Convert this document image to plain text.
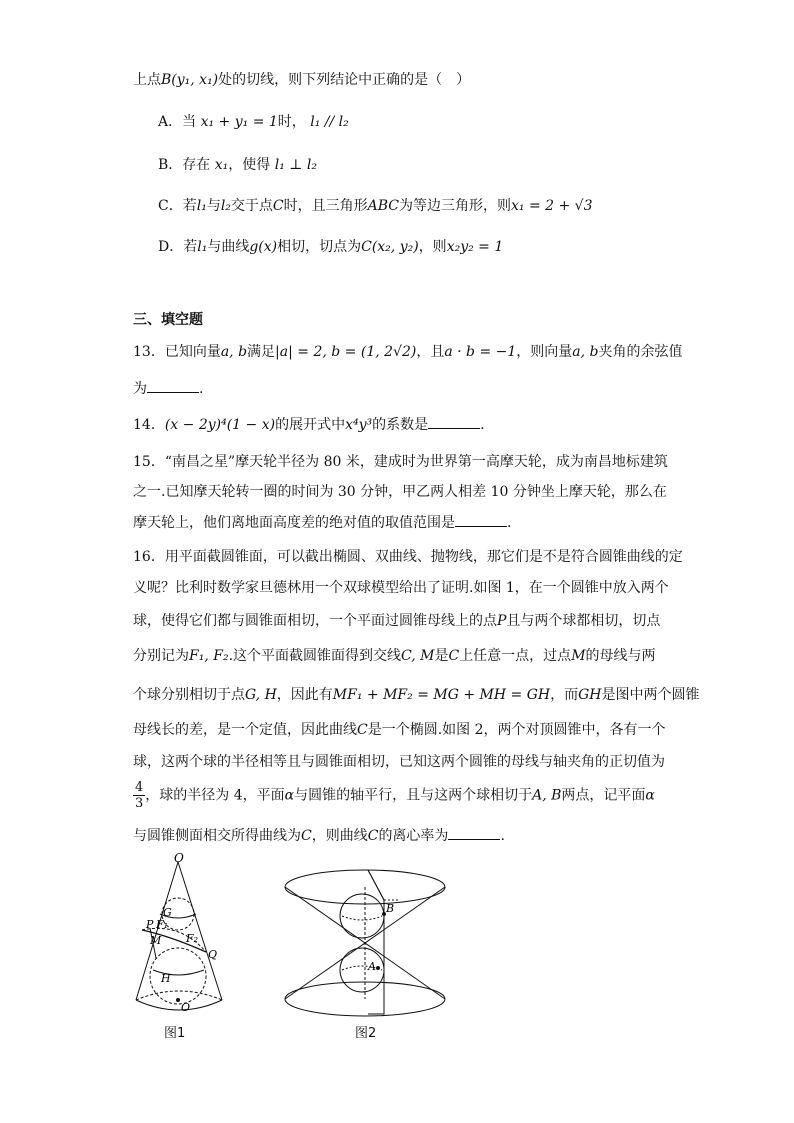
上点B(y₁, x₁)处的切线，则下列结论中正确的是（　）
A．当 x₁ + y₁ = 1时， l₁ // l₂
B．存在 x₁，使得 l₁ ⊥ l₂
C．若l₁与l₂交于点C时，且三角形ABC为等边三角形，则x₁ = 2 + √3
D．若l₁与曲线g(x)相切，切点为C(x₂, y₂)，则x₂y₂ = 1
三、填空题
13．已知向量a, b满足|a| = 2, b = (1, 2√2)，且a · b = −1，则向量a, b夹角的余弦值
为	.
14．(x − 2y)⁴(1 − x)的展开式中x⁴y³的系数是	.
15．“南昌之星”摩天轮半径为 80 米，建成时为世界第一高摩天轮，成为南昌地标建筑
之一.已知摩天轮转一圈的时间为 30 分钟，甲乙两人相差 10 分钟坐上摩天轮，那么在
摩天轮上，他们离地面高度差的绝对值的取值范围是	.
16．用平面截圆锥面，可以截出椭圆、双曲线、抛物线，那它们是不是符合圆锥曲线的定
义呢？比利时数学家旦德林用一个双球模型给出了证明.如图 1，在一个圆锥中放入两个
球，使得它们都与圆锥面相切，一个平面过圆锥母线上的点P且与两个球都相切，切点
分别记为F₁, F₂.这个平面截圆锥面得到交线C, M是C上任意一点，过点M的母线与两
个球分别相切于点G, H，因此有MF₁ + MF₂ = MG + MH = GH，而GH是图中两个圆锥
母线长的差，是一个定值，因此曲线C是一个椭圆.如图 2，两个对顶圆锥中，各有一个
球，这两个球的半径相等且与圆锥面相切，已知这两个圆锥的母线与轴夹角的正切值为
$\frac{4}{3}$ ，球的半径为 4，平面α与圆锥的轴平行，且与这两个球相切于A, B两点，记平面α
与圆锥侧面相交所得曲线为C，则曲线C的离心率为	.
O
G
P F₁
F₂
M
Q
H
O
图1
B
A
图2
